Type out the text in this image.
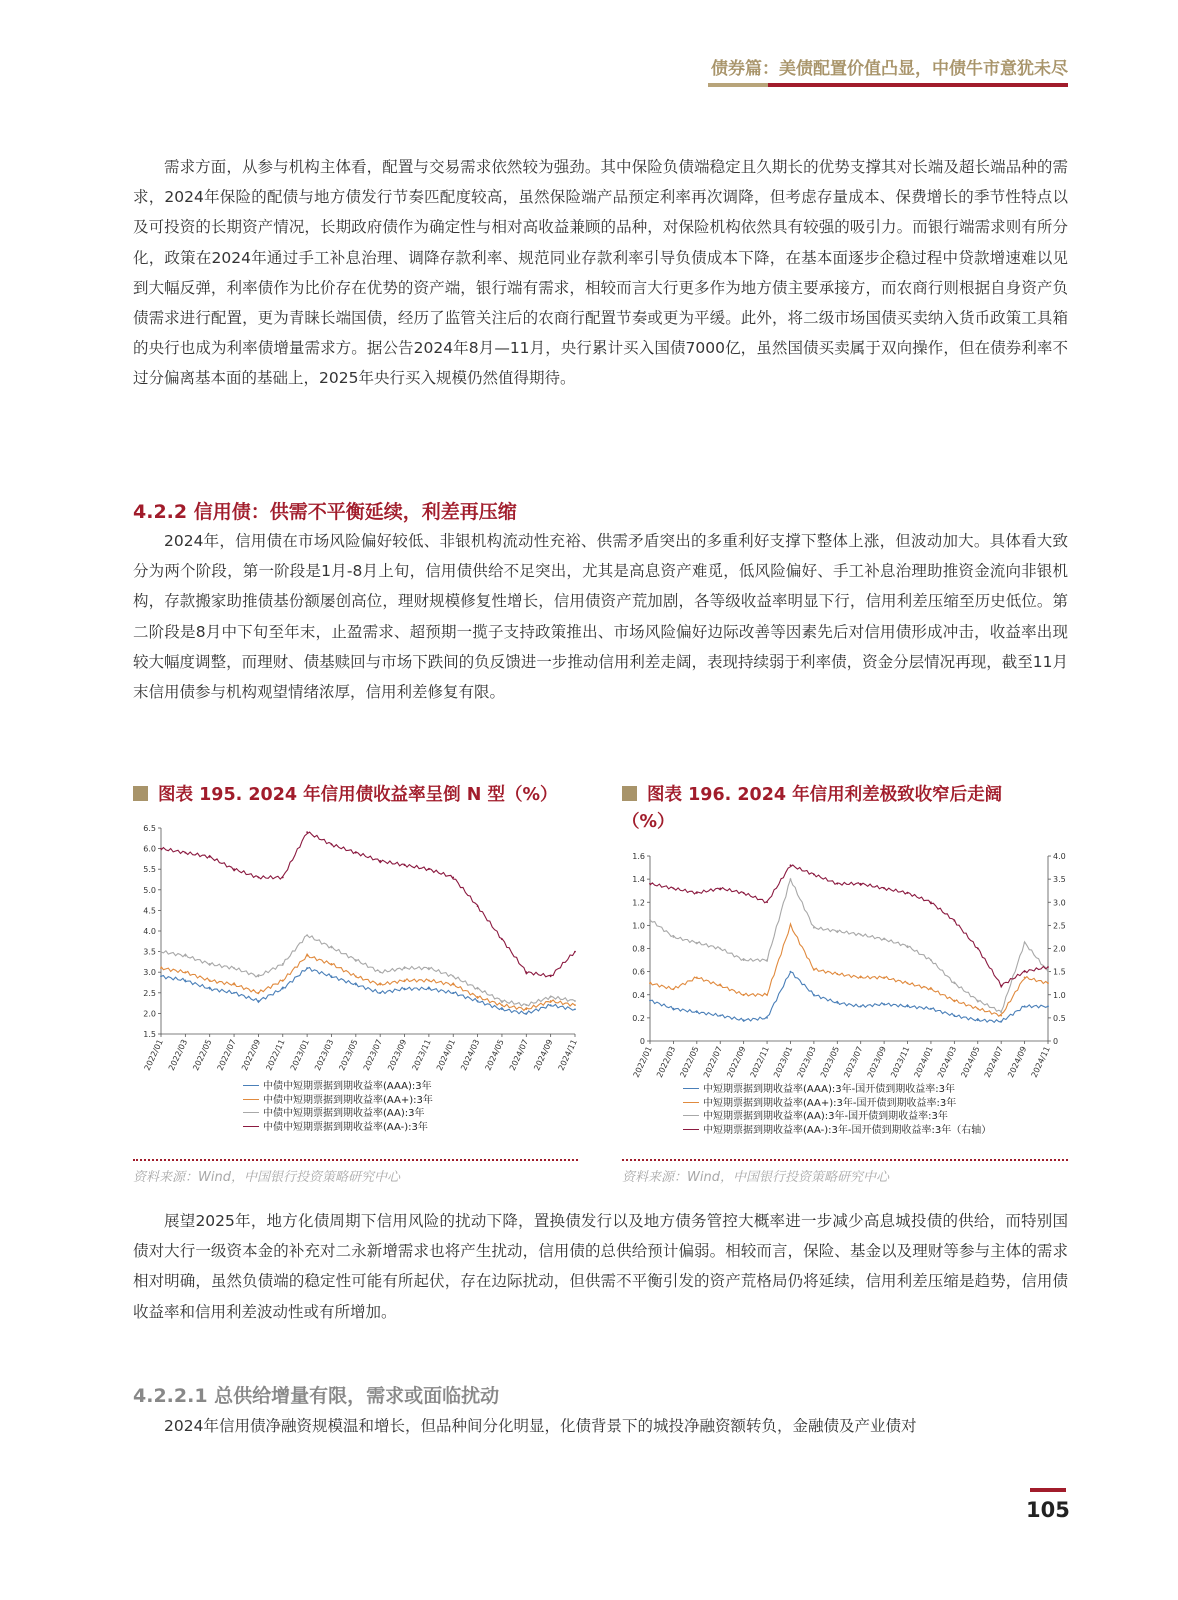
债券篇：美债配置价值凸显，中债牛市意犹未尽

需求方面，从参与机构主体看，配置与交易需求依然较为强劲。其中保险负债端稳定且久期长的优势支撑其对长端及超长端品种的需求，2024年保险的配债与地方债发行节奏匹配度较高，虽然保险端产品预定利率再次调降，但考虑存量成本、保费增长的季节性特点以及可投资的长期资产情况，长期政府债作为确定性与相对高收益兼顾的品种，对保险机构依然具有较强的吸引力。而银行端需求则有所分化，政策在2024年通过手工补息治理、调降存款利率、规范同业存款利率引导负债成本下降，在基本面逐步企稳过程中贷款增速难以见到大幅反弹，利率债作为比价存在优势的资产端，银行端有需求，相较而言大行更多作为地方债主要承接方，而农商行则根据自身资产负债需求进行配置，更为青睐长端国债，经历了监管关注后的农商行配置节奏或更为平缓。此外，将二级市场国债买卖纳入货币政策工具箱的央行也成为利率债增量需求方。据公告2024年8月—11月，央行累计买入国债7000亿，虽然国债买卖属于双向操作，但在债券利率不过分偏离基本面的基础上，2025年央行买入规模仍然值得期待。

4.2.2 信用债：供需不平衡延续，利差再压缩

2024年，信用债在市场风险偏好较低、非银机构流动性充裕、供需矛盾突出的多重利好支撑下整体上涨，但波动加大。具体看大致分为两个阶段，第一阶段是1月-8月上旬，信用债供给不足突出，尤其是高息资产难觅，低风险偏好、手工补息治理助推资金流向非银机构，存款搬家助推债基份额屡创高位，理财规模修复性增长，信用债资产荒加剧，各等级收益率明显下行，信用利差压缩至历史低位。第二阶段是8月中下旬至年末，止盈需求、超预期一揽子支持政策推出、市场风险偏好边际改善等因素先后对信用债形成冲击，收益率出现较大幅度调整，而理财、债基赎回与市场下跌间的负反馈进一步推动信用利差走阔，表现持续弱于利率债，资金分层情况再现，截至11月末信用债参与机构观望情绪浓厚，信用利差修复有限。

图表 195. 2024 年信用债收益率呈倒 N 型（%）
6.5
6.0
5.5
5.0
4.5
4.0
3.5
3.0
2.5
2.0
1.5
2022/01 2022/03 2022/05 2022/07 2022/09 2022/11 2023/01 2023/03 2023/05 2023/07 2023/09 2023/11 2024/01 2024/03 2024/05 2024/07 2024/09 2024/11
中债中短期票据到期收益率(AAA):3年
中债中短期票据到期收益率(AA+):3年
中债中短期票据到期收益率(AA):3年
中债中短期票据到期收益率(AA-):3年
资料来源：Wind，中国银行投资策略研究中心
图表 196. 2024 年信用利差极致收窄后走阔
（%）
1.6
1.4
1.2
1.0
0.8
0.6
0.4
0.2
0
4.0
3.5
3.0
2.5
2.0
1.5
1.0
0.5
0
2022/01 2022/03 2022/05 2022/07 2022/09 2022/11 2023/01 2023/03 2023/05 2023/07 2023/09 2023/11 2024/01 2024/03 2024/05 2024/07 2024/09 2024/11
中短期票据到期收益率(AAA):3年-国开债到期收益率:3年
中短期票据到期收益率(AA+):3年-国开债到期收益率:3年
中短期票据到期收益率(AA):3年-国开债到期收益率:3年
中短期票据到期收益率(AA-):3年-国开债到期收益率:3年（右轴）
资料来源：Wind，中国银行投资策略研究中心

展望2025年，地方化债周期下信用风险的扰动下降，置换债发行以及地方债务管控大概率进一步减少高息城投债的供给，而特别国债对大行一级资本金的补充对二永新增需求也将产生扰动，信用债的总供给预计偏弱。相较而言，保险、基金以及理财等参与主体的需求相对明确，虽然负债端的稳定性可能有所起伏，存在边际扰动，但供需不平衡引发的资产荒格局仍将延续，信用利差压缩是趋势，信用债收益率和信用利差波动性或有所增加。

4.2.2.1 总供给增量有限，需求或面临扰动

2024年信用债净融资规模温和增长，但品种间分化明显，化债背景下的城投净融资额转负，金融债及产业债对

105
